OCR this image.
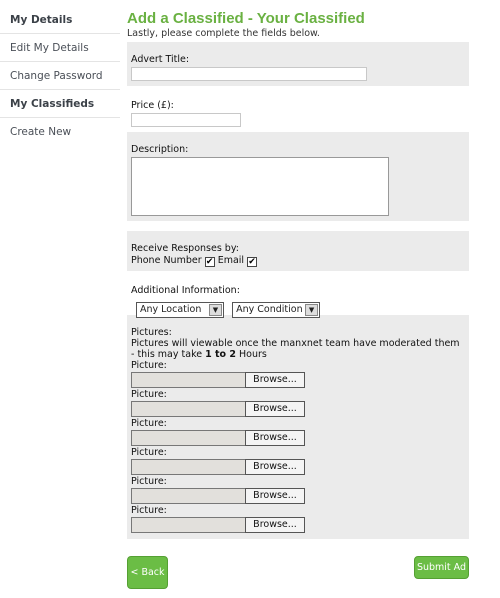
My Details
Edit My Details
Change Password
My Classifieds
Create New
Add a Classified - Your Classified
Lastly, please complete the fields below.
Advert Title:
Price (£):
Description:
Receive Responses by:
Phone Number ✔ Email ✔
Additional Information:
Any Location	▼	Any Condition ▼
Pictures:
Pictures will viewable once the manxnet team have moderated them - this may take 1 to 2 Hours
Picture:
Browse...
Picture:
Browse...
Picture:
Browse...
Picture:
Browse...
Picture:
Browse...
Picture:
Browse...
< Back	Submit Ad
